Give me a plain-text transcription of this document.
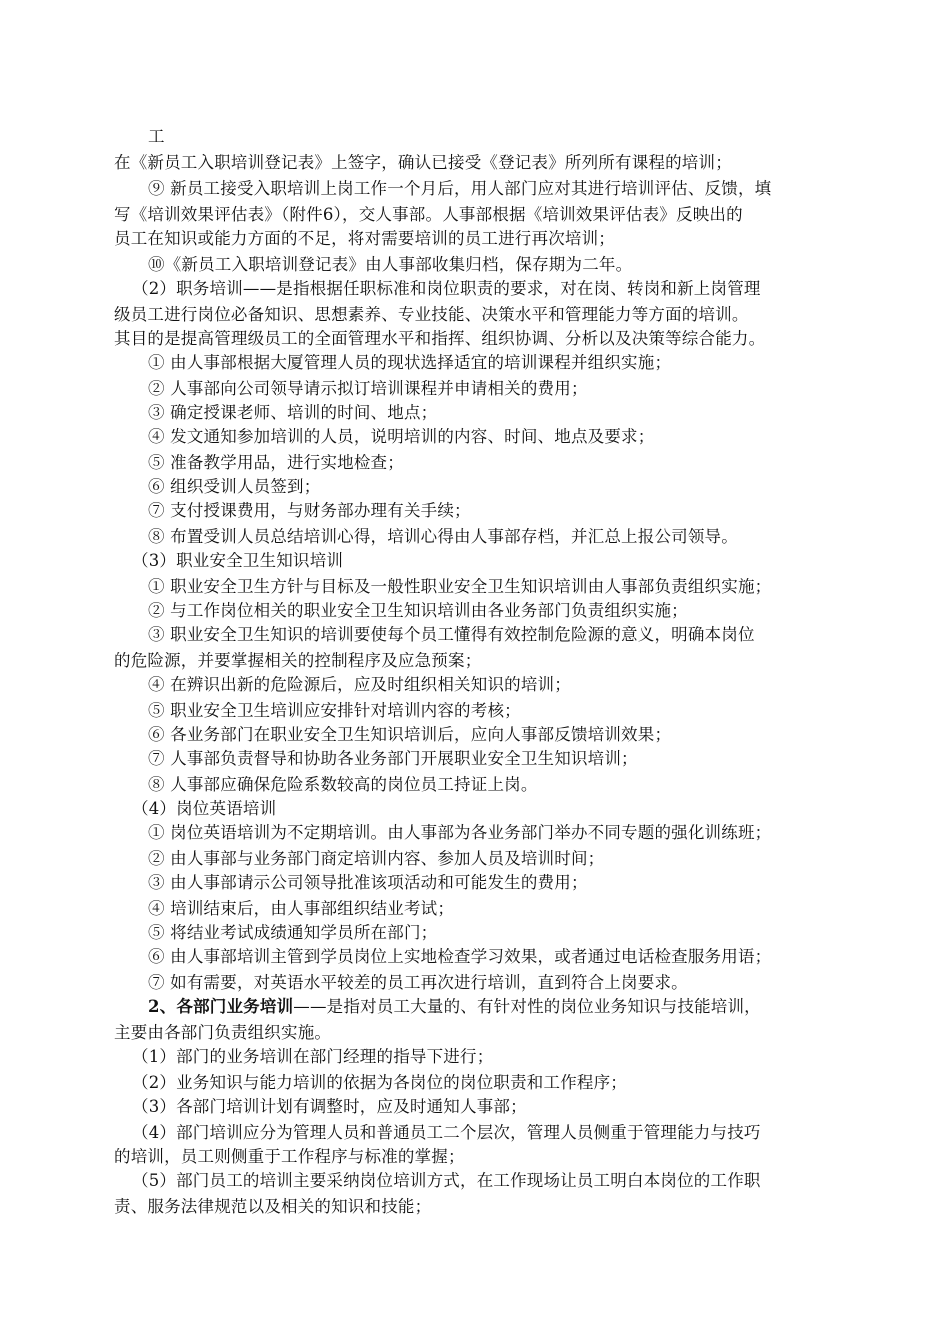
工
在《新员工入职培训登记表》上签字，确认已接受《登记表》所列所有课程的培训；
⑨ 新员工接受入职培训上岗工作一个月后，用人部门应对其进行培训评估、反馈，填
写《培训效果评估表》（附件6），交人事部。人事部根据《培训效果评估表》反映出的
员工在知识或能力方面的不足，将对需要培训的员工进行再次培训；
⑩《新员工入职培训登记表》由人事部收集归档，保存期为二年。
（2）职务培训——是指根据任职标准和岗位职责的要求，对在岗、转岗和新上岗管理
级员工进行岗位必备知识、思想素养、专业技能、决策水平和管理能力等方面的培训。
其目的是提高管理级员工的全面管理水平和指挥、组织协调、分析以及决策等综合能力。
① 由人事部根据大厦管理人员的现状选择适宜的培训课程并组织实施；
② 人事部向公司领导请示拟订培训课程并申请相关的费用；
③ 确定授课老师、培训的时间、地点；
④ 发文通知参加培训的人员，说明培训的内容、时间、地点及要求；
⑤ 准备教学用品，进行实地检查；
⑥ 组织受训人员签到；
⑦ 支付授课费用，与财务部办理有关手续；
⑧ 布置受训人员总结培训心得，培训心得由人事部存档，并汇总上报公司领导。
（3）职业安全卫生知识培训
① 职业安全卫生方针与目标及一般性职业安全卫生知识培训由人事部负责组织实施；
② 与工作岗位相关的职业安全卫生知识培训由各业务部门负责组织实施；
③ 职业安全卫生知识的培训要使每个员工懂得有效控制危险源的意义，明确本岗位
的危险源，并要掌握相关的控制程序及应急预案；
④ 在辨识出新的危险源后，应及时组织相关知识的培训；
⑤ 职业安全卫生培训应安排针对培训内容的考核；
⑥ 各业务部门在职业安全卫生知识培训后，应向人事部反馈培训效果；
⑦ 人事部负责督导和协助各业务部门开展职业安全卫生知识培训；
⑧ 人事部应确保危险系数较高的岗位员工持证上岗。
（4）岗位英语培训
① 岗位英语培训为不定期培训。由人事部为各业务部门举办不同专题的强化训练班；
② 由人事部与业务部门商定培训内容、参加人员及培训时间；
③ 由人事部请示公司领导批准该项活动和可能发生的费用；
④ 培训结束后，由人事部组织结业考试；
⑤ 将结业考试成绩通知学员所在部门；
⑥ 由人事部培训主管到学员岗位上实地检查学习效果，或者通过电话检查服务用语；
⑦ 如有需要，对英语水平较差的员工再次进行培训，直到符合上岗要求。
2、各部门业务培训——是指对员工大量的、有针对性的岗位业务知识与技能培训，
主要由各部门负责组织实施。
（1）部门的业务培训在部门经理的指导下进行；
（2）业务知识与能力培训的依据为各岗位的岗位职责和工作程序；
（3）各部门培训计划有调整时，应及时通知人事部；
（4）部门培训应分为管理人员和普通员工二个层次，管理人员侧重于管理能力与技巧
的培训，员工则侧重于工作程序与标准的掌握；
（5）部门员工的培训主要采纳岗位培训方式，在工作现场让员工明白本岗位的工作职
责、服务法律规范以及相关的知识和技能；
